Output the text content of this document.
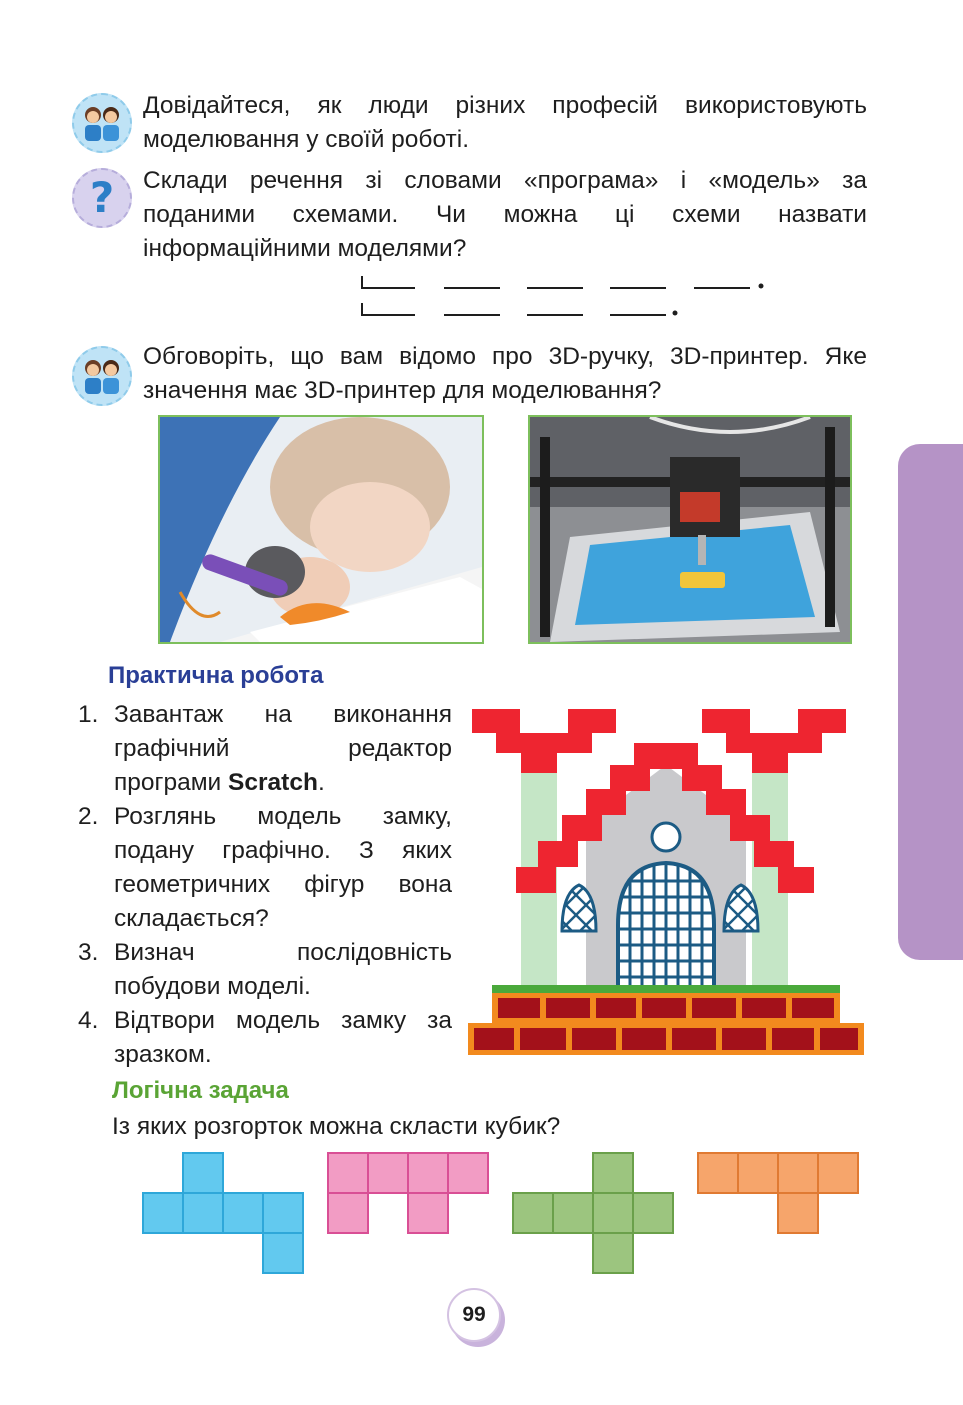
Довідайтеся, як люди різних професій використовують моделювання у своїй роботі.
? Склади речення зі словами «програма» і «модель» за поданими схемами. Чи можна ці схеми назвати інформаційними моделями?
Обговоріть, що вам відомо про 3D-ручку, 3D-принтер. Яке значення має 3D-принтер для моделювання?
Практична робота
1. Завантаж на виконання графічний редактор програми Scratch.
2. Розглянь модель замку, подану графічно. З яких геометричних фігур вона складається?
3. Визнач послідовність побудови моделі.
4. Відтвори модель замку за зразком.
Логічна задача
Із яких розгорток можна скласти кубик?
99
